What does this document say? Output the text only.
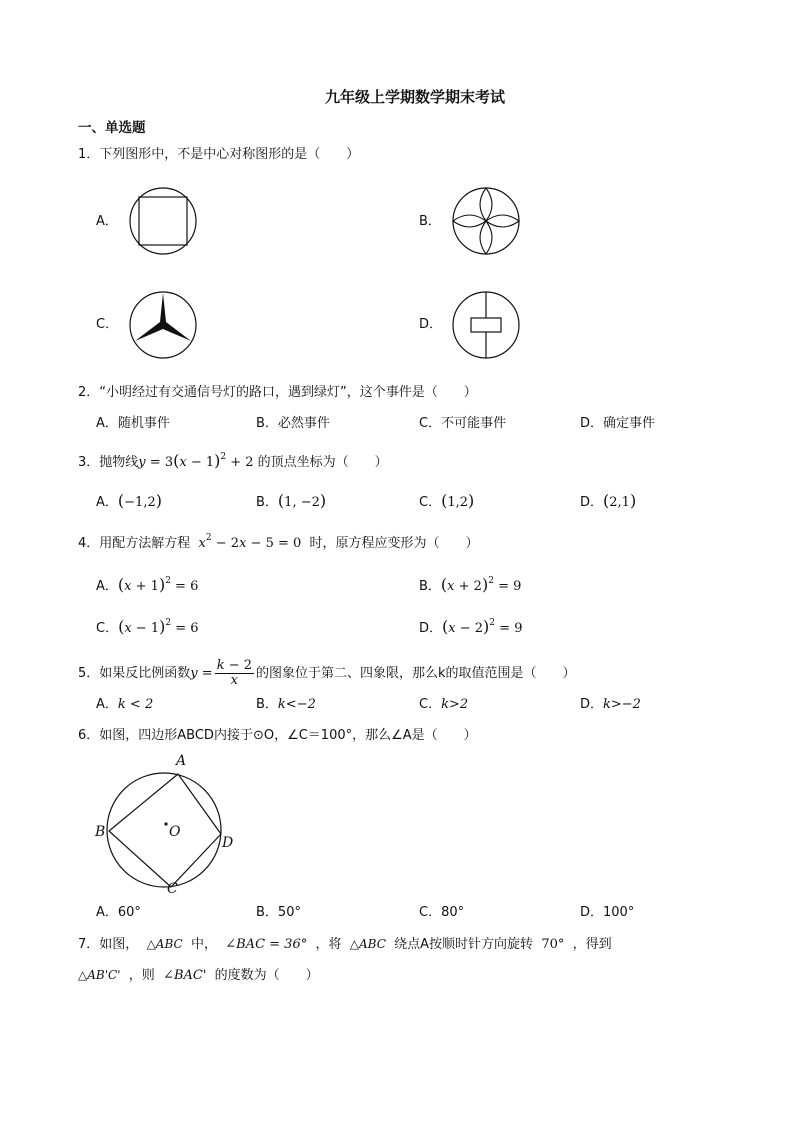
九年级上学期数学期末考试
一、单选题
1．下列图形中，不是中心对称图形的是（　　）
A．	B．
C．	D．
2．“小明经过有交通信号灯的路口，遇到绿灯”，这个事件是（　　）
A．随机事件	B．必然事件	C．不可能事件	D．确定事件
3．抛物线$y = 3(x - 1)^2 + 2$ 的顶点坐标为（　　）
A．(−1,2)	B．(1, −2)	C．(1,2)	D．(2,1)
4．用配方法解方程  $x^2 - 2x - 5 = 0$  时，原方程应变形为（　　）
A．$(x + 1)^2 = 6$	B．$(x + 2)^2 = 9$
C．$(x - 1)^2 = 6$	D．$(x - 2)^2 = 9$
5．如果反比例函数$y = \frac{k - 2}{x}$ 的图象位于第二、四象限，那么k的取值范围是（　　）
A．k < 2	B．k<−2	C．k>2	D．k>−2
6．如图，四边形ABCD内接于⊙O，∠C＝100°，那么∠A是（　　）
A
B
C
D
O
A．60°	B．50°	C．80°	D．100°
7．如图， △ABC 中， ∠BAC = 36° ，将 △ABC 绕点A按顺时针方向旋转 70° ，得到
△AB'C' ，则 ∠BAC' 的度数为（　　）
